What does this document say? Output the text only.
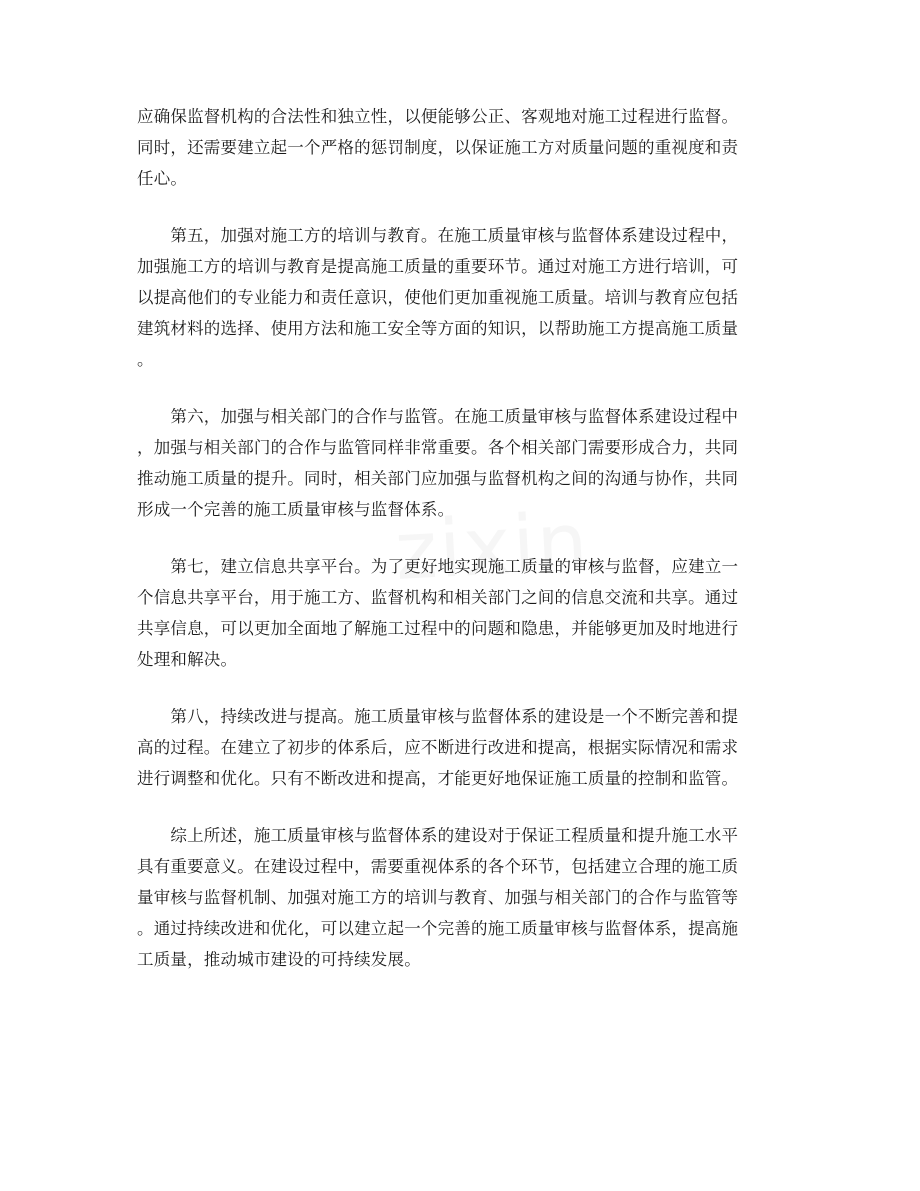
应确保监督机构的合法性和独立性，以便能够公正、客观地对施工过程进行监督。
同时，还需要建立起一个严格的惩罚制度，以保证施工方对质量问题的重视度和责
任心。
　　第五，加强对施工方的培训与教育。在施工质量审核与监督体系建设过程中，
加强施工方的培训与教育是提高施工质量的重要环节。通过对施工方进行培训，可
以提高他们的专业能力和责任意识，使他们更加重视施工质量。培训与教育应包括
建筑材料的选择、使用方法和施工安全等方面的知识，以帮助施工方提高施工质量
。
　　第六，加强与相关部门的合作与监管。在施工质量审核与监督体系建设过程中
，加强与相关部门的合作与监管同样非常重要。各个相关部门需要形成合力，共同
推动施工质量的提升。同时，相关部门应加强与监督机构之间的沟通与协作，共同
形成一个完善的施工质量审核与监督体系。
　　第七，建立信息共享平台。为了更好地实现施工质量的审核与监督，应建立一
个信息共享平台，用于施工方、监督机构和相关部门之间的信息交流和共享。通过
共享信息，可以更加全面地了解施工过程中的问题和隐患，并能够更加及时地进行
处理和解决。
　　第八，持续改进与提高。施工质量审核与监督体系的建设是一个不断完善和提
高的过程。在建立了初步的体系后，应不断进行改进和提高，根据实际情况和需求
进行调整和优化。只有不断改进和提高，才能更好地保证施工质量的控制和监管。
　　综上所述，施工质量审核与监督体系的建设对于保证工程质量和提升施工水平
具有重要意义。在建设过程中，需要重视体系的各个环节，包括建立合理的施工质
量审核与监督机制、加强对施工方的培训与教育、加强与相关部门的合作与监管等
。通过持续改进和优化，可以建立起一个完善的施工质量审核与监督体系，提高施
工质量，推动城市建设的可持续发展。
